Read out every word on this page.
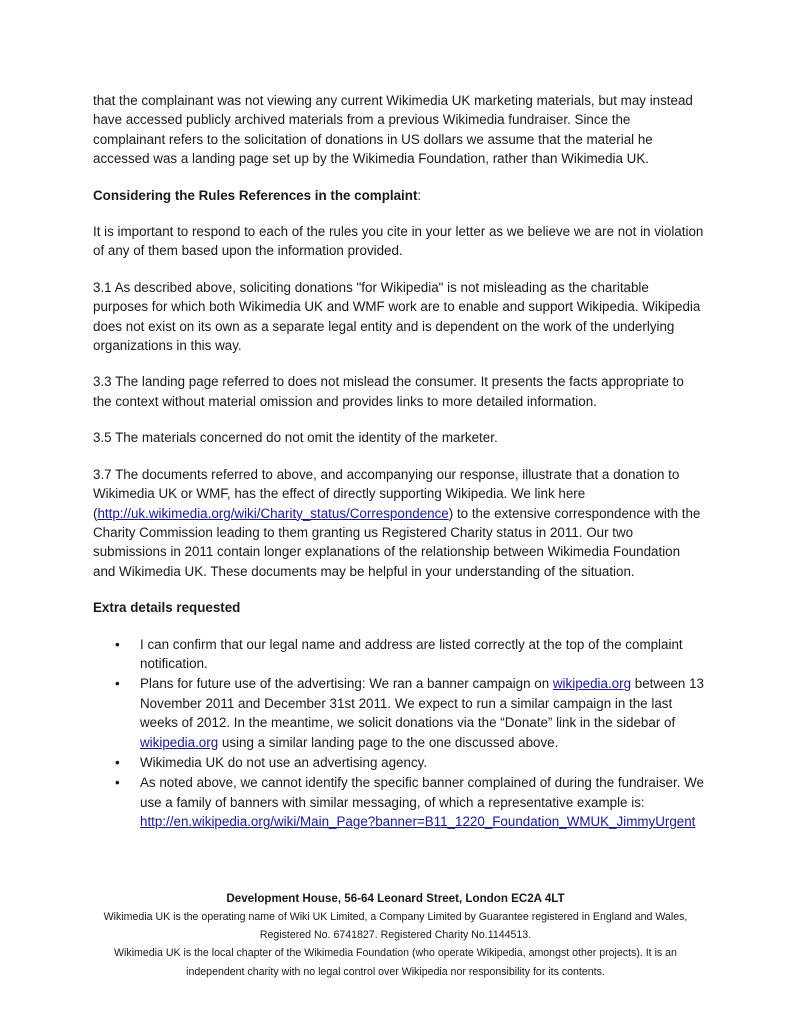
that the complainant was not viewing any current Wikimedia UK marketing materials, but may instead have accessed publicly archived materials from a previous Wikimedia fundraiser. Since the complainant refers to the solicitation of donations in US dollars we assume that the material he accessed was a landing page set up by the Wikimedia Foundation, rather than Wikimedia UK.

Considering the Rules References in the complaint:

It is important to respond to each of the rules you cite in your letter as we believe we are not in violation of any of them based upon the information provided.

3.1 As described above, soliciting donations "for Wikipedia" is not misleading as the charitable purposes for which both Wikimedia UK and WMF work are to enable and support Wikipedia. Wikipedia does not exist on its own as a separate legal entity and is dependent on the work of the underlying organizations in this way.

3.3 The landing page referred to does not mislead the consumer. It presents the facts appropriate to the context without material omission and provides links to more detailed information.

3.5 The materials concerned do not omit the identity of the marketer.

3.7 The documents referred to above, and accompanying our response, illustrate that a donation to Wikimedia UK or WMF, has the effect of directly supporting Wikipedia. We link here (http://uk.wikimedia.org/wiki/Charity_status/Correspondence) to the extensive correspondence with the Charity Commission leading to them granting us Registered Charity status in 2011. Our two submissions in 2011 contain longer explanations of the relationship between Wikimedia Foundation and Wikimedia UK. These documents may be helpful in your understanding of the situation.

Extra details requested

• I can confirm that our legal name and address are listed correctly at the top of the complaint notification.
• Plans for future use of the advertising: We ran a banner campaign on wikipedia.org between 13 November 2011 and December 31st 2011. We expect to run a similar campaign in the last weeks of 2012. In the meantime, we solicit donations via the “Donate” link in the sidebar of wikipedia.org using a similar landing page to the one discussed above.
• Wikimedia UK do not use an advertising agency.
• As noted above, we cannot identify the specific banner complained of during the fundraiser. We use a family of banners with similar messaging, of which a representative example is: http://en.wikipedia.org/wiki/Main_Page?banner=B11_1220_Foundation_WMUK_JimmyUrgent
Development House, 56-64 Leonard Street, London EC2A 4LT
Wikimedia UK is the operating name of Wiki UK Limited, a Company Limited by Guarantee registered in England and Wales,
Registered No. 6741827. Registered Charity No.1144513.
Wikimedia UK is the local chapter of the Wikimedia Foundation (who operate Wikipedia, amongst other projects). It is an
independent charity with no legal control over Wikipedia nor responsibility for its contents.
